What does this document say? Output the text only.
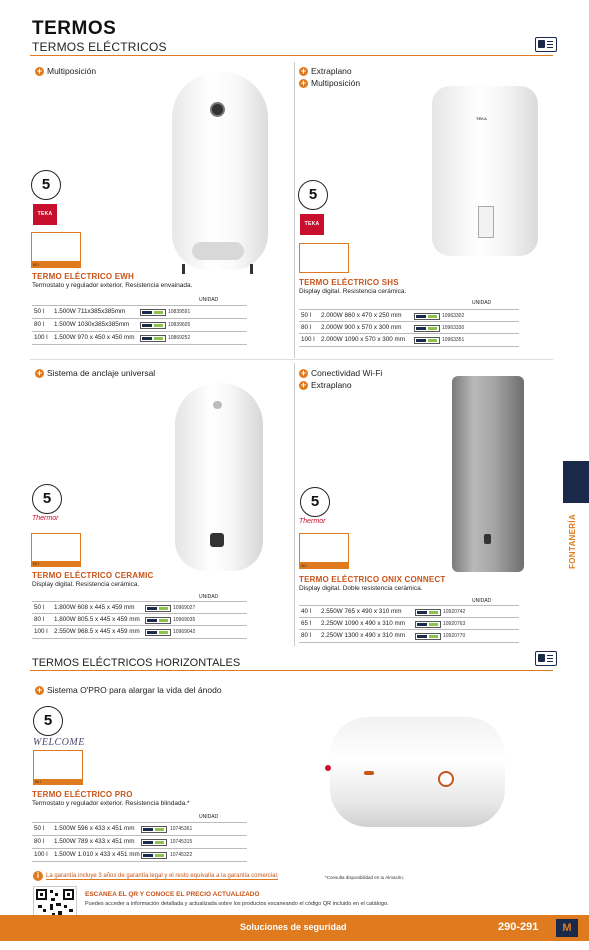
TERMOS
TERMOS ELÉCTRICOS
+ Multiposición
5
TEKA
50 l
TERMO ELÉCTRICO EWH
Termostato y regulador exterior. Resistencia envainada.
UNIDAD
50 l 1.500W 711x385x385mm	10839591
80 l 1.500W 1030x385x385mm	10839605
100 l 1.500W 970 x 450 x 450 mm	10869252
+ Extraplano
+ Multiposición
TEKA
5
TEKA
TERMO ELÉCTRICO SHS
Display digital. Resistencia cerámica.
UNIDAD
50 l 2.000W 860 x 470 x 250 mm	10963302
80 l 2.000W 900 x 570 x 300 mm	10963330
100 l 2.000W 1090 x 570 x 300 mm	10963351
+ Sistema de anclaje universal
5
Thermor
50 l
TERMO ELÉCTRICO CERAMIC
Display digital. Resistencia cerámica.
UNIDAD
50 l 1.800W 608 x 445 x 459 mm	10969027
80 l 1.800W 805.5 x 445 x 459 mm	10969035
100 l 2.550W 968.5 x 445 x 459 mm	10969042
+ Conectividad Wi-Fi
+ Extraplano
5
Thermor
40 l
TERMO ELÉCTRICO ONIX CONNECT
Display digital. Doble resistencia cerámica.
UNIDAD
40 l 2.550W 765 x 490 x 310 mm	10920742
65 l 2.250W 1090 x 490 x 310 mm	10920763
80 l 2.250W 1300 x 490 x 310 mm	10920770
FONTANERÍA
TERMOS ELÉCTRICOS HORIZONTALES
+ Sistema O'PRO para alargar la vida del ánodo
5
WELCOME
50 l
TERMO ELÉCTRICO PRO
Termostato y regulador exterior. Resistencia blindada.*
UNIDAD
50 l 1.500W 596 x 433 x 451 mm	10745361
80 l 1.500W 789 x 433 x 451 mm	10745315
100 l 1.500W 1.010 x 433 x 451 mm	10745322
i	La garantía incluye 3 años de garantía legal y el resto equivalía a la garantía comercial.	*Consulta disponibilidad en tu Almacén.
ESCANEA EL QR Y CONOCE EL PRECIO ACTUALIZADO
Puedes acceder a información detallada y actualizada sobre los productos escaneando el código QR incluido en el catálogo.
Soluciones de seguridad	290-291	M
